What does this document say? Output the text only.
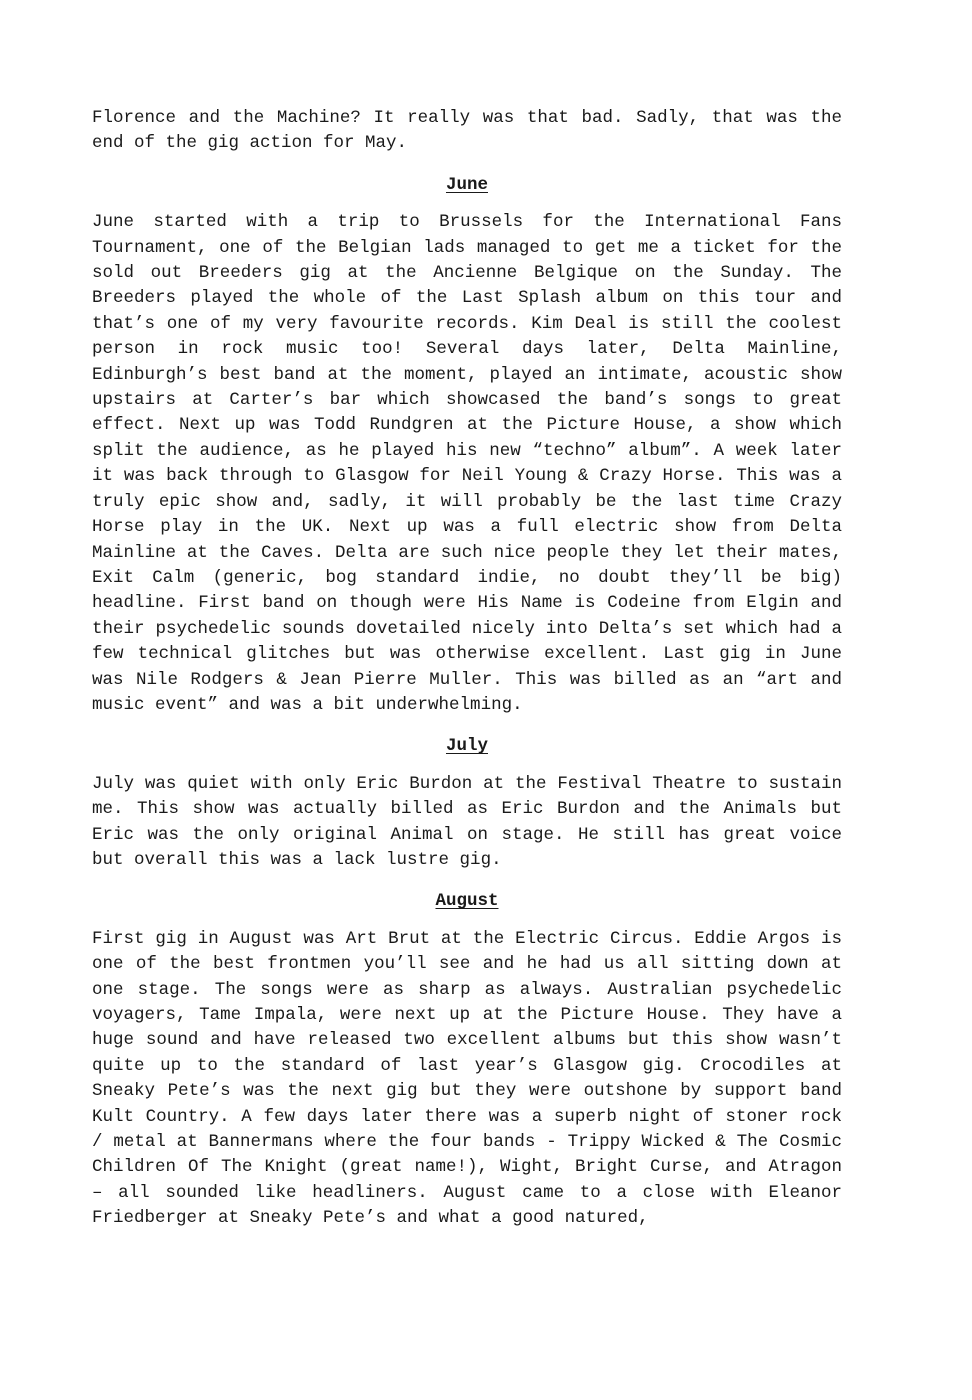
Florence and the Machine? It really was that bad. Sadly, that was the end of the gig action for May.

June

June started with a trip to Brussels for the International Fans Tournament, one of the Belgian lads managed to get me a ticket for the sold out Breeders gig at the Ancienne Belgique on the Sunday. The Breeders played the whole of the Last Splash album on this tour and that’s one of my very favourite records. Kim Deal is still the coolest person in rock music too! Several days later, Delta Mainline, Edinburgh’s best band at the moment, played an intimate, acoustic show upstairs at Carter’s bar which showcased the band’s songs to great effect. Next up was Todd Rundgren at the Picture House, a show which split the audience, as he played his new “techno” album”. A week later it was back through to Glasgow for Neil Young & Crazy Horse. This was a truly epic show and, sadly, it will probably be the last time Crazy Horse play in the UK. Next up was a full electric show from Delta Mainline at the Caves. Delta are such nice people they let their mates, Exit Calm (generic, bog standard indie, no doubt they’ll be big) headline. First band on though were His Name is Codeine from Elgin and their psychedelic sounds dovetailed nicely into Delta’s set which had a few technical glitches but was otherwise excellent. Last gig in June was Nile Rodgers & Jean Pierre Muller. This was billed as an “art and music event” and was a bit underwhelming.

July

July was quiet with only Eric Burdon at the Festival Theatre to sustain me. This show was actually billed as Eric Burdon and the Animals but Eric was the only original Animal on stage. He still has great voice but overall this was a lack lustre gig.

August

First gig in August was Art Brut at the Electric Circus. Eddie Argos is one of the best frontmen you’ll see and he had us all sitting down at one stage. The songs were as sharp as always. Australian psychedelic voyagers, Tame Impala, were next up at the Picture House. They have a huge sound and have released two excellent albums but this show wasn’t quite up to the standard of last year’s Glasgow gig. Crocodiles at Sneaky Pete’s was the next gig but they were outshone by support band Kult Country. A few days later there was a superb night of stoner rock / metal at Bannermans where the four bands - Trippy Wicked & The Cosmic Children Of The Knight (great name!), Wight, Bright Curse, and Atragon – all sounded like headliners. August came to a close with Eleanor Friedberger at Sneaky Pete’s and what a good natured,
